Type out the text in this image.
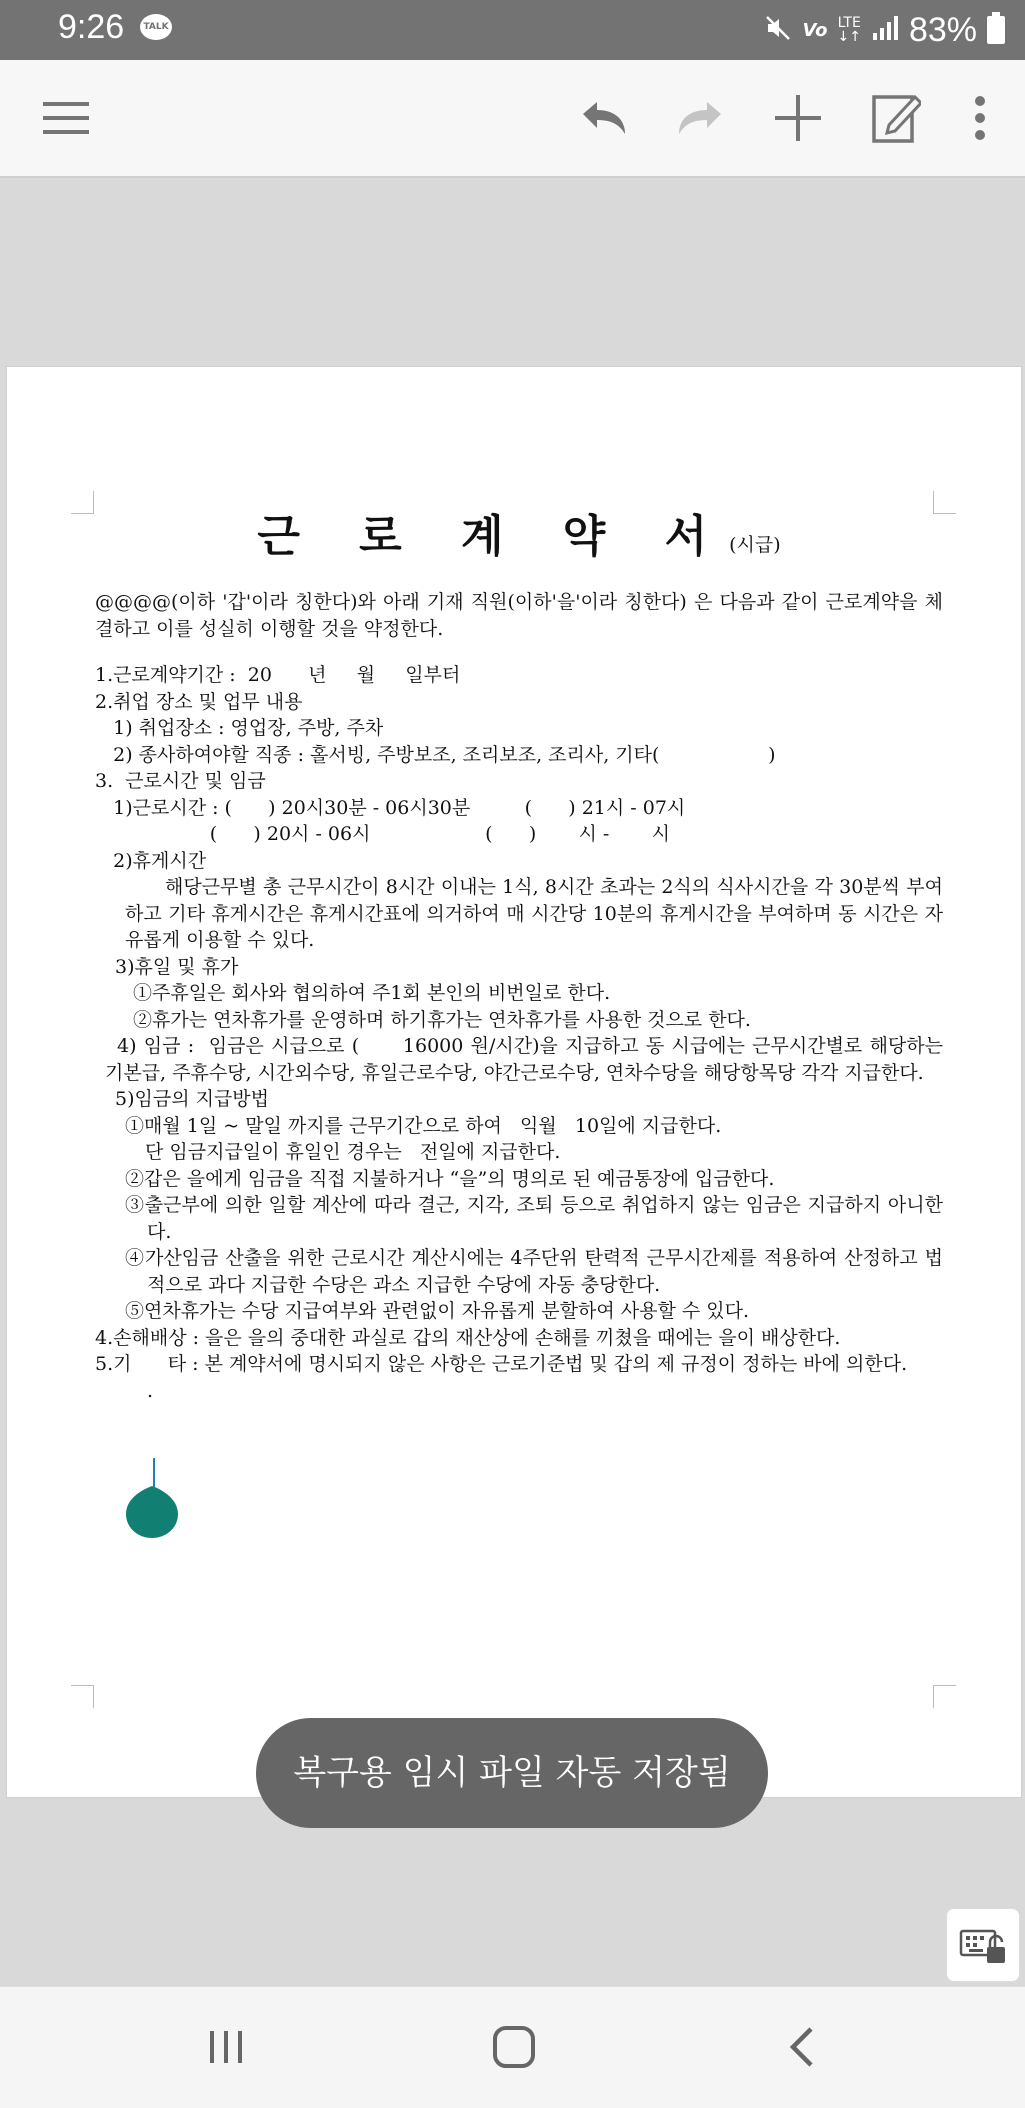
9:26	TALK	Vo LTE
↓↑ 83%
근 로 계 약 서(시급)

@@@@(이하 '갑'이라 칭한다)와 아래 기재 직원(이하'을'이라 칭한다) 은 다음과 같이 근로계약을 체결하고 이를 성실히 이행할 것을 약정한다.

1.근로계약기간 :  20      년     월     일부터

2.취업 장소 및 업무 내용

1) 취업장소 : 영업장, 주방, 주차

2) 종사하여야할 직종 : 홀서빙, 주방보조, 조리보조, 조리사, 기타(                  )

3.  근로시간 및 임금

1)근로시간 : (      ) 20시30분 - 06시30분         (      ) 21시 - 07시

(      ) 20시 - 06시                   (      )       시 -       시

2)휴게시간

해당근무별 총 근무시간이 8시간 이내는 1식, 8시간 초과는 2식의 식사시간을 각 30분씩 부여하고 기타 휴게시간은 휴게시간표에 의거하여 매 시간당 10분의 휴게시간을 부여하며 동 시간은 자유롭게 이용할 수 있다.

3)휴일 및 휴가

①주휴일은 회사와 협의하여 주1회 본인의 비번일로 한다.

②휴가는 연차휴가를 운영하며 하기휴가는 연차휴가를 사용한 것으로 한다.

4) 임금 :  임금은 시급으로 (      16000 원/시간)을 지급하고 동 시급에는 근무시간별로 해당하는 기본급, 주휴수당, 시간외수당, 휴일근로수당, 야간근로수당, 연차수당을 해당항목당 각각 지급한다.

5)임금의 지급방법

①매월 1일 ~ 말일 까지를 근무기간으로 하여   익월   10일에 지급한다.

단 임금지급일이 휴일인 경우는   전일에 지급한다.

②갑은 을에게 임금을 직접 지불하거나 “을”의 명의로 된 예금통장에 입금한다.

③출근부에 의한 일할 계산에 따라 결근, 지각, 조퇴 등으로 취업하지 않는 임금은 지급하지 아니한다.

④가산임금 산출을 위한 근로시간 계산시에는 4주단위 탄력적 근무시간제를 적용하여 산정하고 법적으로 과다 지급한 수당은 과소 지급한 수당에 자동 충당한다.

⑤연차휴가는 수당 지급여부와 관련없이 자유롭게 분할하여 사용할 수 있다.

4.손해배상 : 을은 을의 중대한 과실로 갑의 재산상에 손해를 끼쳤을 때에는 을이 배상한다.

5.기      타 : 본 계약서에 명시되지 않은 사항은 근로기준법 및 갑의 제 규정이 정하는 바에 의한다.

.

복구용 임시 파일 자동 저장됨
